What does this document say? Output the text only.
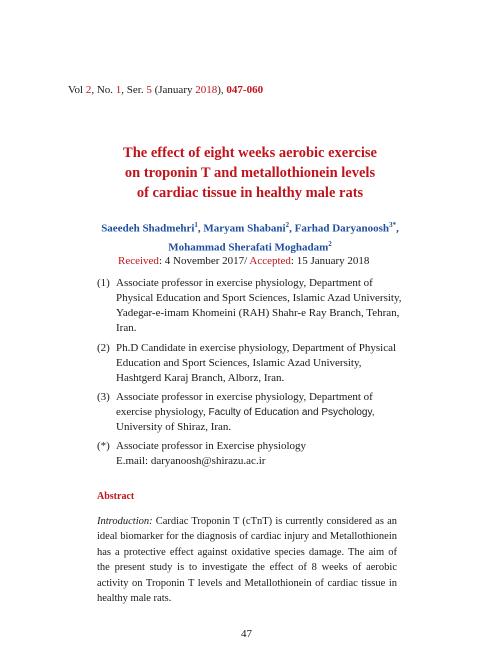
Vol 2, No. 1, Ser. 5 (January 2018), 047-060
The effect of eight weeks aerobic exercise
on troponin T and metallothionein levels
of cardiac tissue in healthy male rats
Saeedeh Shadmehri$^1$, Maryam Shabani$^2$, Farhad Daryanoosh$^{3*}$,
Mohammad Sherafati Moghadam$^2$
Received: 4 November 2017/ Accepted: 15 January 2018
(1) Associate professor in exercise physiology, Department of Physical Education and Sport Sciences, Islamic Azad University, Yadegar-e-imam Khomeini (RAH) Shahr-e Ray Branch, Tehran, Iran.
(2) Ph.D Candidate in exercise physiology, Department of Physical Education and Sport Sciences, Islamic Azad University, Hashtgerd Karaj Branch, Alborz, Iran.
(3) Associate professor in exercise physiology, Department of exercise physiology, Faculty of Education and Psychology, University of Shiraz, Iran.
(*) Associate professor in Exercise physiology
E.mail: daryanoosh@shirazu.ac.ir
Abstract
Introduction: Cardiac Troponin T (cTnT) is currently considered as an ideal biomarker for the diagnosis of cardiac injury and Metallothionein has a protective effect against oxidative species damage. The aim of the present study is to investigate the effect of 8 weeks of aerobic activity on Troponin T levels and Metallothionein of cardiac tissue in healthy male rats.
47
